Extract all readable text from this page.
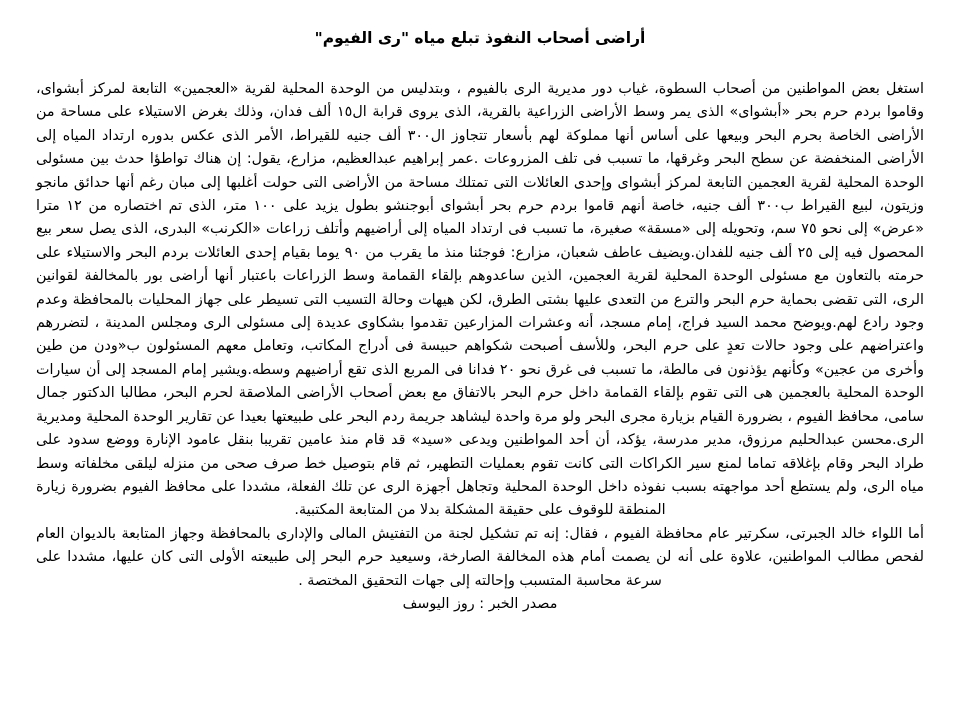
أراضى أصحاب النفوذ تبلع مياه "رى الفيوم"

استغل بعض المواطنين من أصحاب السطوة، غياب دور مديرية الرى بالفيوم ، وبتدليس من الوحدة المحلية لقرية «العجمين» التابعة لمركز أبشواى، وقاموا بردم حرم بحر «أبشواى» الذى يمر وسط الأراضى الزراعية بالقرية، الذى يروى قرابة ال١٥ ألف فدان، وذلك بغرض الاستيلاء على مساحة من الأراضى الخاصة بحرم البحر وبيعها على أساس أنها مملوكة لهم بأسعار تتجاوز ال٣٠٠ ألف جنيه للقيراط، الأمر الذى عكس بدوره ارتداد المياه إلى الأراضى المنخفضة عن سطح البحر وغرقها، ما تسبب فى تلف المزروعات .عمر إبراهيم عبدالعظيم، مزارع، يقول: إن هناك تواطؤا حدث بين مسئولى الوحدة المحلية لقرية العجمين التابعة لمركز أبشواى وإحدى العائلات التى تمتلك مساحة من الأراضى التى حولت أغلبها إلى مبان رغم أنها حدائق مانجو وزيتون، لبيع القيراط ب٣٠٠ ألف جنيه، خاصة أنهم قاموا بردم حرم بحر أبشواى أبوجنشو بطول يزيد على ١٠٠ متر، الذى تم اختصاره من ١٢ مترا «عرض» إلى نحو ٧٥ سم، وتحويله إلى «مسقة» صغيرة، ما تسبب فى ارتداد المياه إلى أراضيهم وأتلف زراعات «الكرنب» البدرى، الذى يصل سعر بيع المحصول فيه إلى ٢٥ ألف جنيه للفدان.ويضيف عاطف شعبان، مزارع: فوجئنا منذ ما يقرب من ٩٠ يوما بقيام إحدى العائلات بردم البحر والاستيلاء على حرمته بالتعاون مع مسئولى الوحدة المحلية لقرية العجمين، الذين ساعدوهم بإلقاء القمامة وسط الزراعات باعتبار أنها أراضى بور بالمخالفة لقوانين الرى، التى تقضى بحماية حرم البحر والترع من التعدى عليها بشتى الطرق، لكن هيهات وحالة التسيب التى تسيطر على جهاز المحليات بالمحافظة وعدم وجود رادع لهم.ويوضح محمد السيد فراج، إمام مسجد، أنه وعشرات المزارعين تقدموا بشكاوى عديدة إلى مسئولى الرى ومجلس المدينة ، لتضررهم واعتراضهم على وجود حالات تعدٍ على حرم البحر، وللأسف أصبحت شكواهم حبيسة فى أدراج المكاتب، وتعامل معهم المسئولون ب«ودن من طين وأخرى من عجين» وكأنهم يؤذنون فى مالطة، ما تسبب فى غرق نحو ٢٠ فدانا فى المربع الذى تقع أراضيهم وسطه.ويشير إمام المسجد إلى أن سيارات الوحدة المحلية بالعجمين هى التى تقوم بإلقاء القمامة داخل حرم البحر بالاتفاق مع بعض أصحاب الأراضى الملاصقة لحرم البحر، مطالبا الدكتور جمال سامى، محافظ الفيوم ، بضرورة القيام بزيارة مجرى البحر ولو مرة واحدة ليشاهد جريمة ردم البحر على طبيعتها بعيدا عن تقارير الوحدة المحلية ومديرية الرى.محسن عبدالحليم مرزوق، مدير مدرسة، يؤكد، أن أحد المواطنين ويدعى «سيد» قد قام منذ عامين تقريبا بنقل عامود الإنارة ووضع سدود على طراد البحر وقام بإغلاقه تماما لمنع سير الكراكات التى كانت تقوم بعمليات التطهير، ثم قام بتوصيل خط صرف صحى من منزله ليلقى مخلفاته وسط مياه الرى، ولم يستطع أحد مواجهته بسبب نفوذه داخل الوحدة المحلية وتجاهل أجهزة الرى عن تلك الفعلة، مشددا على محافظ الفيوم بضرورة زيارة المنطقة للوقوف على حقيقة المشكلة بدلا من المتابعة المكتبية.

أما اللواء خالد الجبرتى، سكرتير عام محافظة الفيوم ، فقال: إنه تم تشكيل لجنة من التفتيش المالى والإدارى بالمحافظة وجهاز المتابعة بالديوان العام لفحص مطالب المواطنين، علاوة على أنه لن يصمت أمام هذه المخالفة الصارخة، وسيعيد حرم البحر إلى طبيعته الأولى التى كان عليها، مشددا على سرعة محاسبة المتسبب وإحالته إلى جهات التحقيق المختصة .

مصدر الخبر : روز اليوسف
